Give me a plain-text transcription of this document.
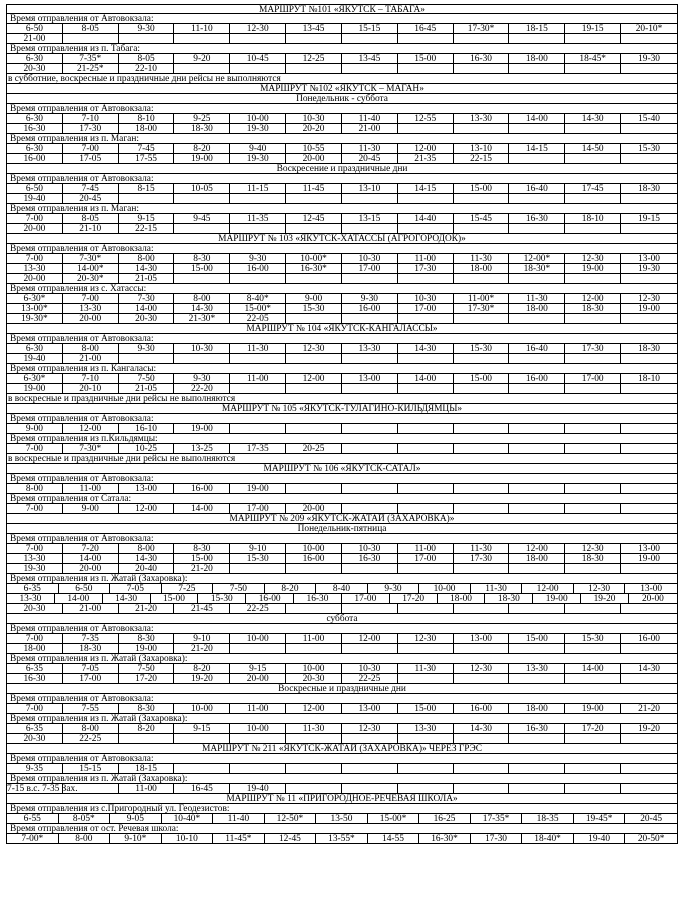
МАРШРУТ №101 «ЯКУТСК – ТАБАГА»
Время отправления от Автовокзала:
6-50	8-05	9-30	11-10	12-30	13-45	15-15	16-45	17-30*	18-15	19-15	20-10*
21-00
Время отправления из п. Табага:
6-30	7-35*	8-05	9-20	10-45	12-25	13-45	15-00	16-30	18-00	18-45*	19-30
20-30	21-25*	22-10
в субботние, воскресные и праздничные дни рейсы не выполняются
МАРШРУТ №102 «ЯКУТСК – МАГАН»
Понедельник - суббота
Время отправления от Автовокзала:
6-30	7-10	8-10	9-25	10-00	10-30	11-40	12-55	13-30	14-00	14-30	15-40
16-30	17-30	18-00	18-30	19-30	20-20	21-00
Время отправления из п. Маган:
6-30	7-00	7-45	8-20	9-40	10-55	11-30	12-00	13-10	14-15	14-50	15-30
16-00	17-05	17-55	19-00	19-30	20-00	20-45	21-35	22-15
Воскресение и праздничные дни
Время отправления от Автовокзала:
6-50	7-45	8-15	10-05	11-15	11-45	13-10	14-15	15-00	16-40	17-45	18-30
19-40	20-45
Время отправления из п. Маган:
7-00	8-05	9-15	9-45	11-35	12-45	13-15	14-40	15-45	16-30	18-10	19-15
20-00	21-10	22-15
МАРШРУТ № 103 «ЯКУТСК-ХАТАССЫ (АГРОГОРОДОК)»
Время отправления от Автовокзала:
7-00	7-30*	8-00	8-30	9-30	10-00*	10-30	11-00	11-30	12-00*	12-30	13-00
13-30	14-00*	14-30	15-00	16-00	16-30*	17-00	17-30	18-00	18-30*	19-00	19-30
20-00	20-30*	21-05
Время отправления из с. Хатассы:
6-30*	7-00	7-30	8-00	8-40*	9-00	9-30	10-30	11-00*	11-30	12-00	12-30
13-00*	13-30	14-00	14-30	15-00*	15-30	16-00	17-00	17-30*	18-00	18-30	19-00
19-30*	20-00	20-30	21-30*	22-05
МАРШРУТ № 104 «ЯКУТСК-КАНГАЛАССЫ»
Время отправления от Автовокзала:
6-30	8-00	9-30	10-30	11-30	12-30	13-30	14-30	15-30	16-40	17-30	18-30
19-40	21-00
Время отправления из п. Кангаласы:
6-30*	7-10	7-50	9-30	11-00	12-00	13-00	14-00	15-00	16-00	17-00	18-10
19-00	20-10	21-05	22-20
в воскресные и праздничные дни рейсы не выполняются
МАРШРУТ № 105 «ЯКУТСК-ТУЛАГИНО-КИЛЬДЯМЦЫ»
Время отправления от Автовокзала:
9-00	12-00	16-10	19-00
Время отправления из п.Кильдямцы:
7-00	7-30*	10-25	13-25	17-35	20-25
в воскресные и праздничные дни рейсы не выполняются
МАРШРУТ № 106 «ЯКУТСК-САТАЛ»
Время отправления от Автовокзала:
8-00	11-00	13-00	16-00	19-00
Время отправления от Сатала:
7-00	9-00	12-00	14-00	17-00	20-00
МАРШРУТ № 209 «ЯКУТСК-ЖАТАЙ (ЗАХАРОВКА)»
Понедельник-пятница
Время отправления от Автовокзала:
7-00	7-20	8-00	8-30	9-10	10-00	10-30	11-00	11-30	12-00	12-30	13-00
13-30	14-00	14-30	15-00	15-30	16-00	16-30	17-00	17-30	18-00	18-30	19-00
19-30	20-00	20-40	21-20
Время отправления из п. Жатай (Захаровка):
6-35	6-50	7-05	7-25	7-50	8-20	8-40	9-30	10-00	11-30	12-00	12-30	13-00
13-30	14-00	14-30	15-00	15-30	16-00	16-30	17-00	17-20	18-00	18-30	19-00	19-20	20-00
20-30	21-00	21-20	21-45	22-25
суббота
Время отправления от Автовокзала:
7-00	7-35	8-30	9-10	10-00	11-00	12-00	12-30	13-00	15-00	15-30	16-00
18-00	18-30	19-00	21-20
Время отправления из п. Жатай (Захаровка):
6-35	7-05	7-50	8-20	9-15	10-00	10-30	11-30	12-30	13-30	14-00	14-30
16-30	17-00	17-20	19-20	20-00	20-30	22-25
Воскресные и праздничные дни
Время отправления от Автовокзала:
7-00	7-55	8-30	10-00	11-00	12-00	13-00	15-00	16-00	18-00	19-00	21-20
Время отправления из п. Жатай (Захаровка):
6-35	8-00	8-20	9-15	10-00	11-30	12-30	13-30	14-30	16-30	17-20	19-20
20-30	22-25
МАРШРУТ № 211 «ЯКУТСК-ЖАТАЙ (ЗАХАРОВКА)» ЧЕРЕЗ ГРЭС
Время отправления от Автовокзала:
9-35	15-15	18-15
Время отправления из п. Жатай (Захаровка):
7-15 в.с. 7-35 Зах.	11-00	16-45	19-40
МАРШРУТ № 11 «ПРИГОРОДНОЕ-РЕЧЕВАЯ ШКОЛА»
Время отправления из с.Пригородный ул. Геодезистов:
6-55	8-05*	9-05	10-40*	11-40	12-50*	13-50	15-00*	16-25	17-35*	18-35	19-45*	20-45
Время отправления от ост. Речевая школа:
7-00*	8-00	9-10*	10-10	11-45*	12-45	13-55*	14-55	16-30*	17-30	18-40*	19-40	20-50*
